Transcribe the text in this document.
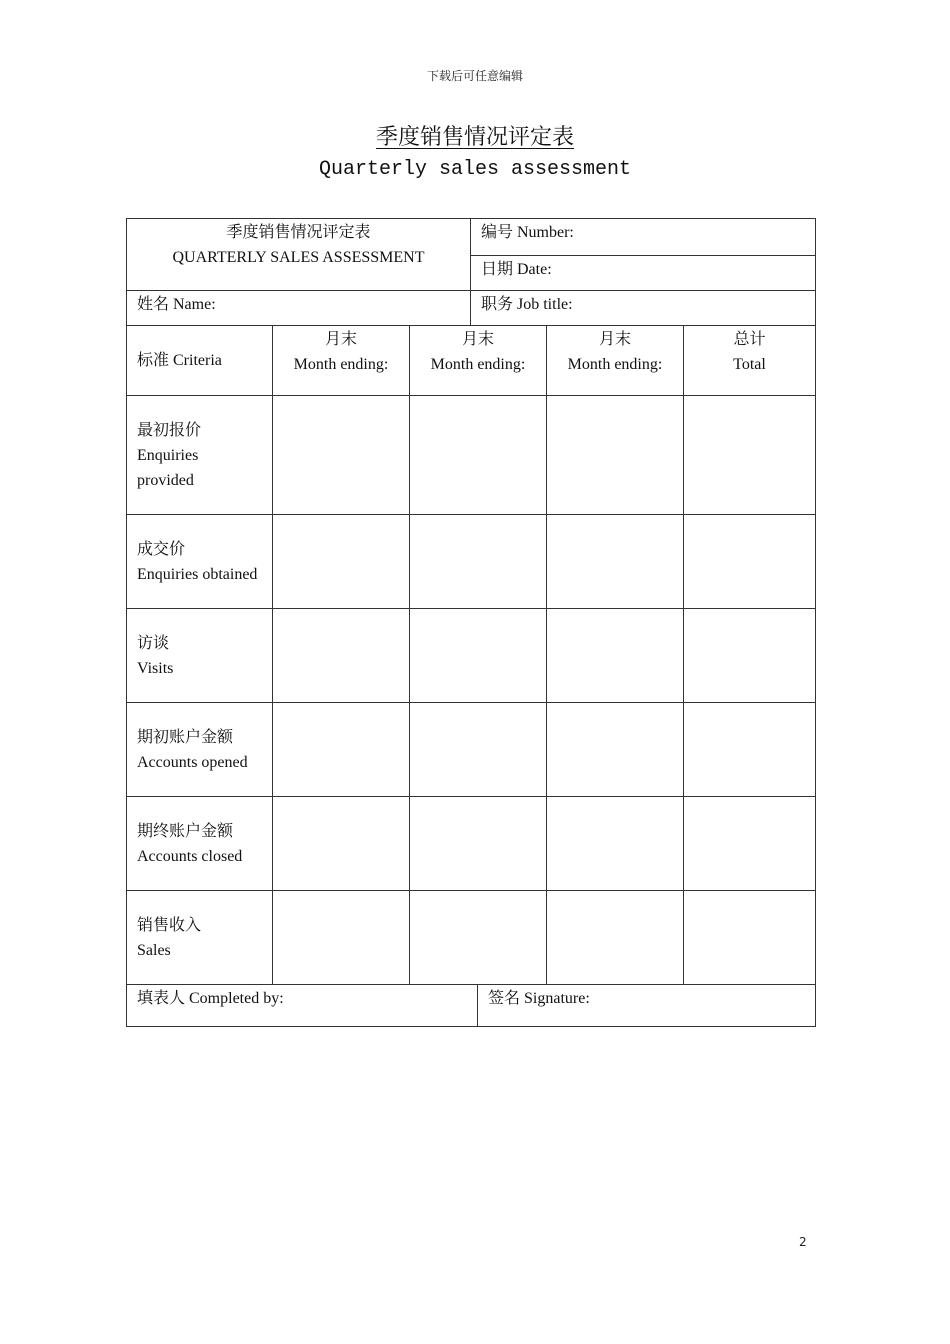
下载后可任意编辑
季度销售情况评定表
Quarterly sales assessment
季度销售情况评定表
QUARTERLY SALES ASSESSMENT
编号 Number:
日期 Date:
姓名 Name:	职务 Job title:
标准 Criteria
月末
Month ending:
月末
Month ending:
月末
Month ending:
总计
Total
最初报价
Enquiries
provided
成交价
Enquiries obtained
访谈
Visits
期初账户金额
Accounts opened
期终账户金额
Accounts closed
销售收入
Sales
填表人 Completed by:	签名 Signature:
2
